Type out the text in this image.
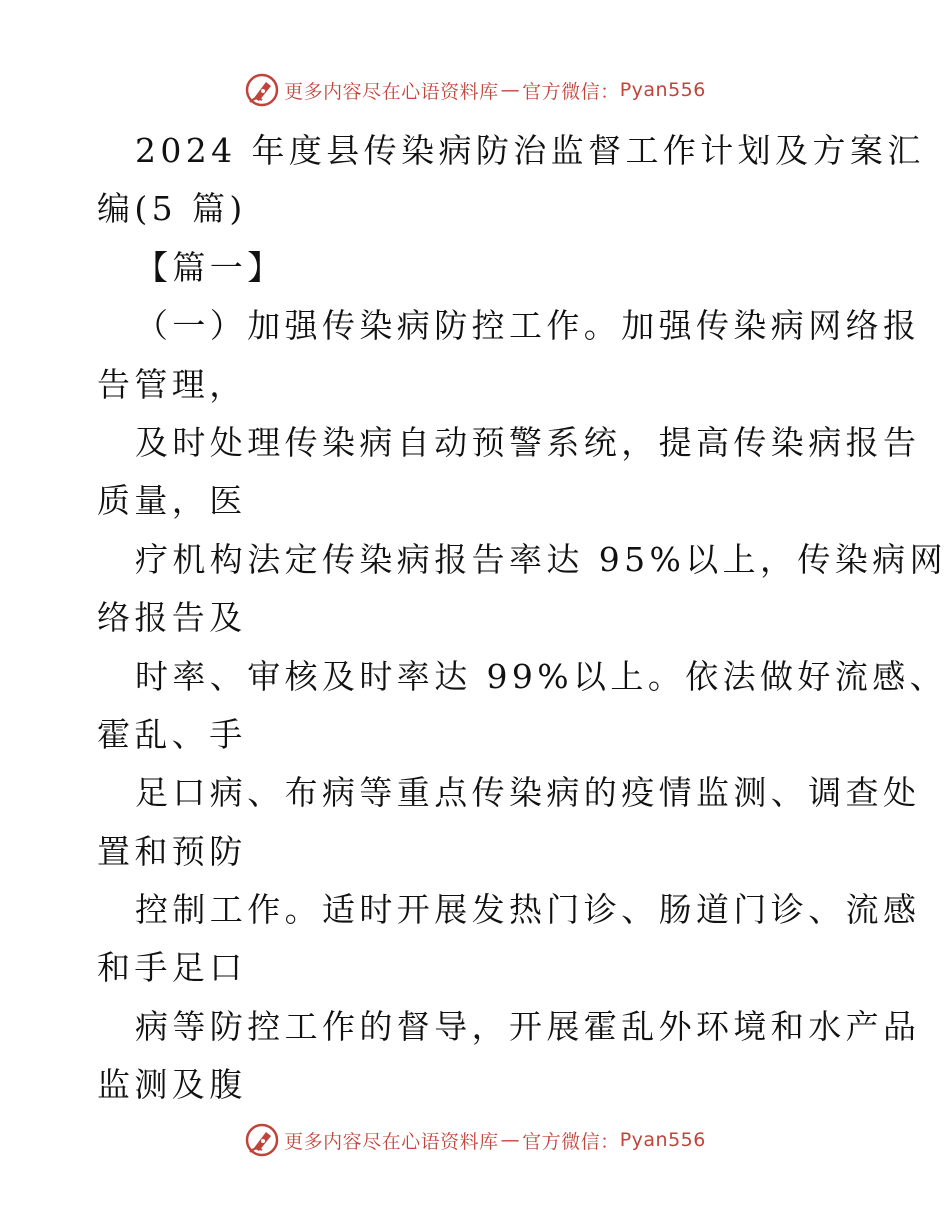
更多内容尽在心语资料库 — 官方微信： Pyan556
2024 年度县传染病防治监督工作计划及方案汇
编(5 篇)
【篇一】
（一）加强传染病防控工作。加强传染病网络报
告管理，
及时处理传染病自动预警系统，提高传染病报告
质量，医
疗机构法定传染病报告率达 95%以上，传染病网
络报告及
时率、审核及时率达 99%以上。依法做好流感、
霍乱、手
足口病、布病等重点传染病的疫情监测、调查处
置和预防
控制工作。适时开展发热门诊、肠道门诊、流感
和手足口
病等防控工作的督导，开展霍乱外环境和水产品
监测及腹
更多内容尽在心语资料库 — 官方微信： Pyan556
